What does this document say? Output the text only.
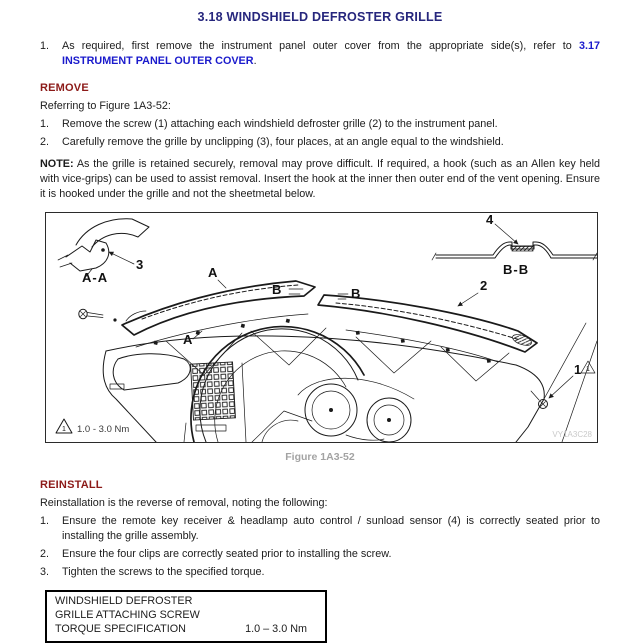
3.18 WINDSHIELD DEFROSTER GRILLE
1.	As required, first remove the instrument panel outer cover from the appropriate side(s), refer to 3.17 INSTRUMENT PANEL OUTER COVER.
REMOVE

Referring to Figure 1A3-52:

1.	Remove the screw (1) attaching each windshield defroster grille (2) to the instrument panel.
2.	Carefully remove the grille by unclipping (3), four places, at an angle equal to the windshield.

NOTE: As the grille is retained securely, removal may prove difficult. If required, a hook (such as an Allen key held with vice-grips) can be used to assist removal. Insert the hook at the inner then outer end of the vent opening. Ensure it is hooked under the grille and not the sheetmetal below.

3
A-A
4
B-B
A
B	B
2
A
1 1
1 1.0 - 3.0 Nm	VY1A3C28

Figure 1A3-52

REINSTALL

Reinstallation is the reverse of removal, noting the following:

1.	Ensure the remote key receiver & headlamp auto control / sunload sensor (4) is correctly seated prior to installing the grille assembly.
2.	Ensure the four clips are correctly seated prior to installing the screw.
3.	Tighten the screws to the specified torque.
WINDSHIELD DEFROSTER
GRILLE ATTACHING SCREW
TORQUE SPECIFICATION	1.0 – 3.0 Nm
